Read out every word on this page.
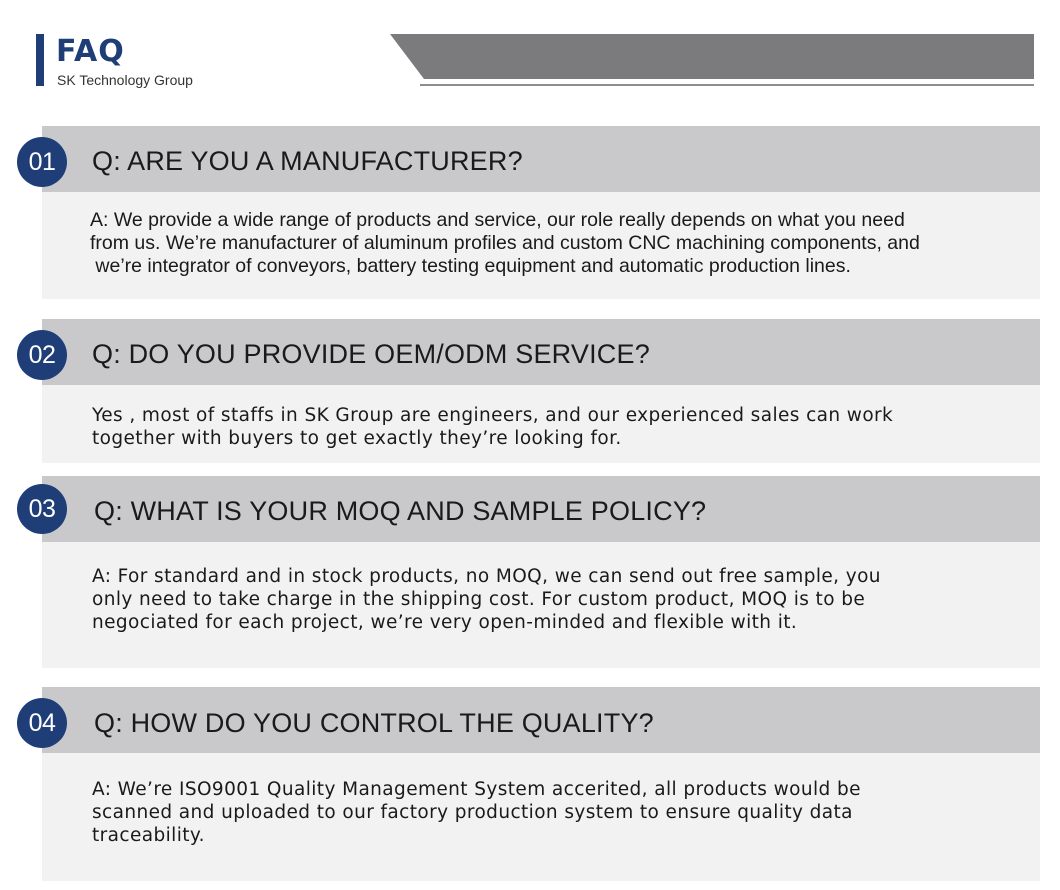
FAQ
SK Technology Group
01	Q: ARE YOU A MANUFACTURER?
A: We provide a wide range of products and service, our role really depends on what you need
from us. We’re manufacturer of aluminum profiles and custom CNC machining components, and
we’re integrator of conveyors, battery testing equipment and automatic production lines.
02	Q: DO YOU PROVIDE OEM/ODM SERVICE?
Yes , most of staffs in SK Group are engineers, and our experienced sales can work
together with buyers to get exactly they’re looking for.
03	Q: WHAT IS YOUR MOQ AND SAMPLE POLICY?
A: For standard and in stock products, no MOQ, we can send out free sample, you
only need to take charge in the shipping cost. For custom product, MOQ is to be
negociated for each project, we’re very open-minded and flexible with it.
04	Q: HOW DO YOU CONTROL THE QUALITY?
A: We’re ISO9001 Quality Management System accerited, all products would be
scanned and uploaded to our factory production system to ensure quality data
traceability.
